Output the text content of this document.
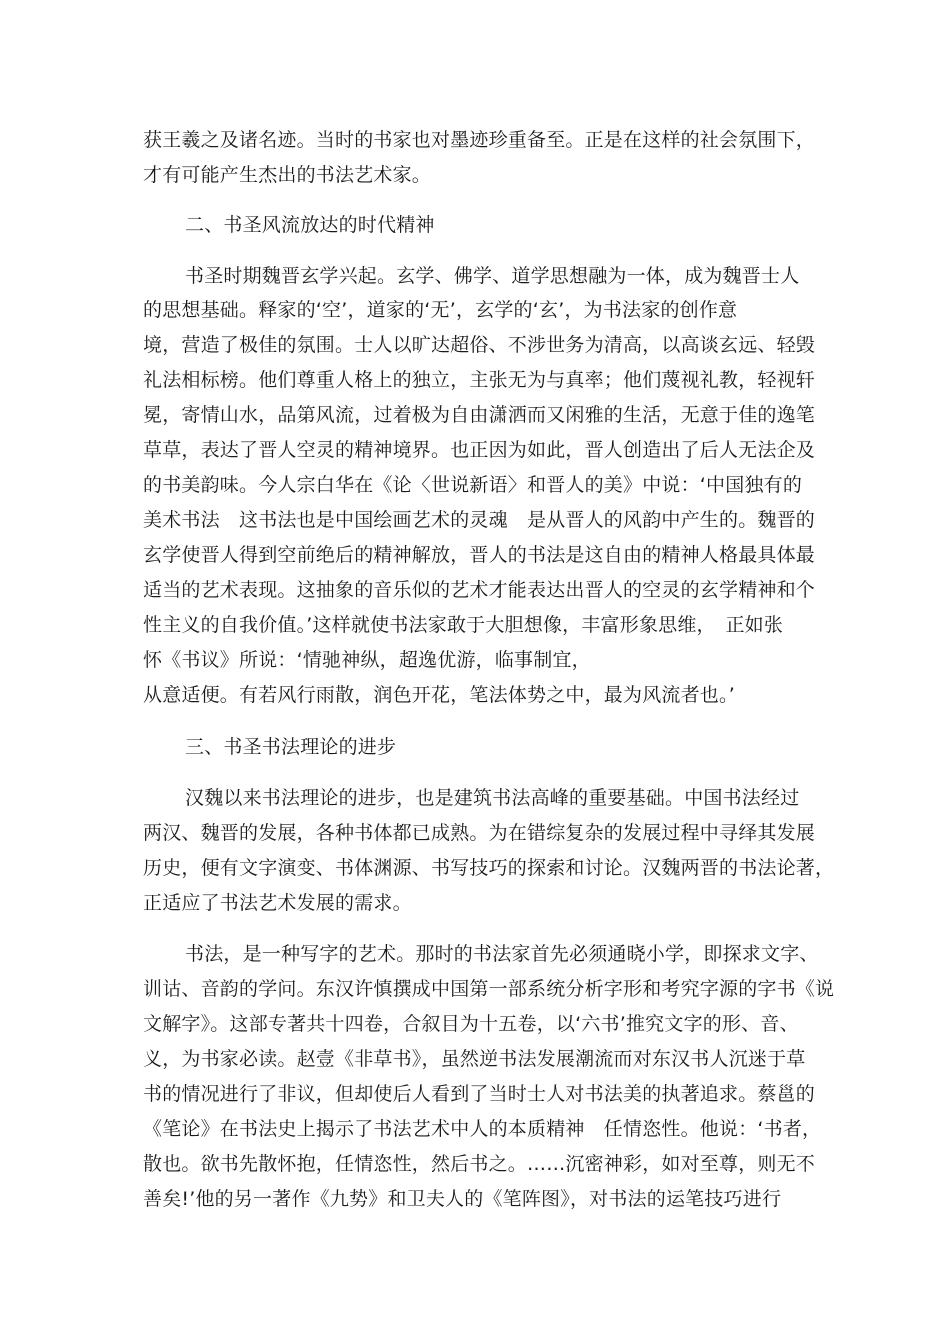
获王羲之及诸名迹。当时的书家也对墨迹珍重备至。正是在这样的社会氛围下，
才有可能产生杰出的书法艺术家。
二、书圣风流放达的时代精神
书圣时期魏晋玄学兴起。玄学、佛学、道学思想融为一体，成为魏晋士人
的思想基础。释家的‘空’，道家的‘无’，玄学的‘玄’，为书法家的创作意
境，营造了极佳的氛围。士人以旷达超俗、不涉世务为清高，以高谈玄远、轻毁
礼法相标榜。他们尊重人格上的独立，主张无为与真率；他们蔑视礼教，轻视轩
冕，寄情山水，品第风流，过着极为自由潇洒而又闲雅的生活，无意于佳的逸笔
草草，表达了晋人空灵的精神境界。也正因为如此，晋人创造出了后人无法企及
的书美韵味。今人宗白华在《论〈世说新语〉和晋人的美》中说：‘中国独有的
美术书法　这书法也是中国绘画艺术的灵魂　是从晋人的风韵中产生的。魏晋的
玄学使晋人得到空前绝后的精神解放，晋人的书法是这自由的精神人格最具体最
适当的艺术表现。这抽象的音乐似的艺术才能表达出晋人的空灵的玄学精神和个
性主义的自我价值。’这样就使书法家敢于大胆想像，丰富形象思维，　正如张
怀《书议》所说：‘情驰神纵，超逸优游，临事制宜，
从意适便。有若风行雨散，润色开花，笔法体势之中，最为风流者也。’
三、书圣书法理论的进步
汉魏以来书法理论的进步，也是建筑书法高峰的重要基础。中国书法经过
两汉、魏晋的发展，各种书体都已成熟。为在错综复杂的发展过程中寻绎其发展
历史，便有文字演变、书体渊源、书写技巧的探索和讨论。汉魏两晋的书法论著，
正适应了书法艺术发展的需求。
书法，是一种写字的艺术。那时的书法家首先必须通晓小学，即探求文字、
训诂、音韵的学问。东汉许慎撰成中国第一部系统分析字形和考究字源的字书《说
文解字》。这部专著共十四卷，合叙目为十五卷，以‘六书’推究文字的形、音、
义，为书家必读。赵壹《非草书》，虽然逆书法发展潮流而对东汉书人沉迷于草
书的情况进行了非议，但却使后人看到了当时士人对书法美的执著追求。蔡邕的
《笔论》在书法史上揭示了书法艺术中人的本质精神　任情恣性。他说：‘书者，
散也。欲书先散怀抱，任情恣性，然后书之。……沉密神彩，如对至尊，则无不
善矣!’他的另一著作《九势》和卫夫人的《笔阵图》，对书法的运笔技巧进行
